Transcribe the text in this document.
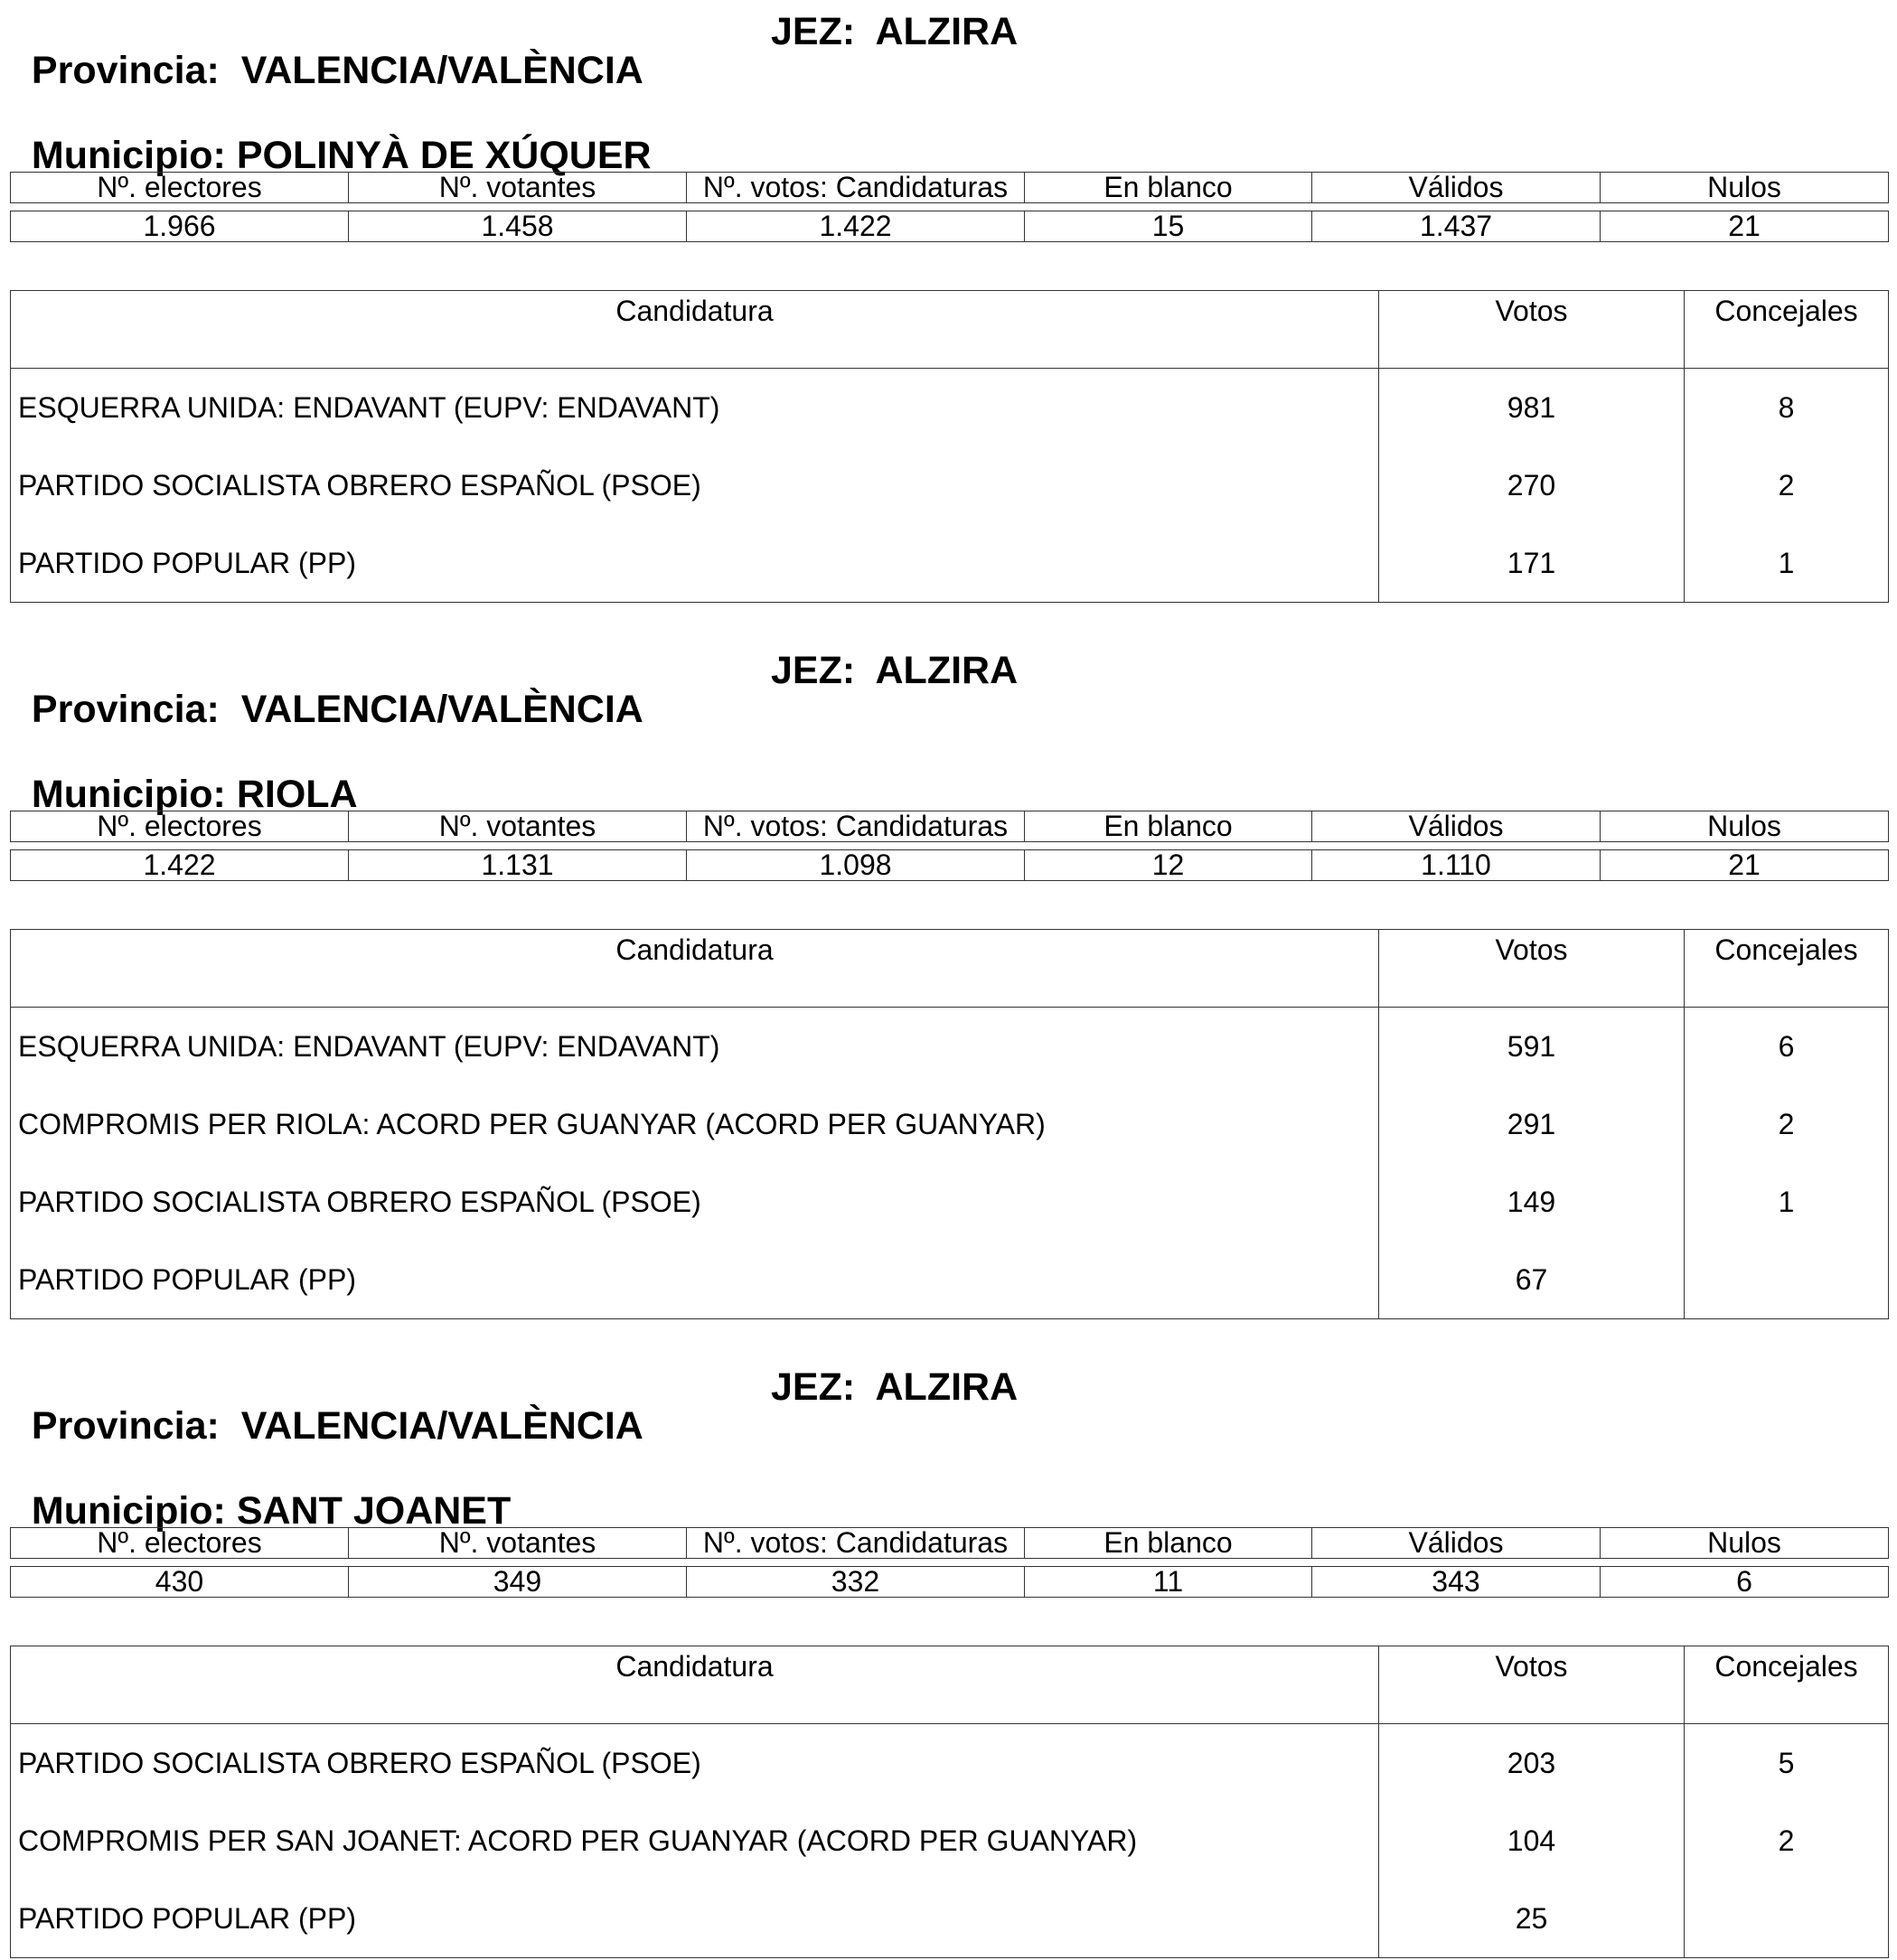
Provincia: VALENCIA/VALÈNCIA

JEZ: ALZIRA

Municipio: POLINYÀ DE XÚQUER

Nº. electores	Nº. votantes	Nº. votos: Candidaturas	En blanco	Válidos	Nulos

1.966	1.458	1.422	15	1.437	21
Candidatura	Votos	Concejales
ESQUERRA UNIDA: ENDAVANT (EUPV: ENDAVANT)	981	8
PARTIDO SOCIALISTA OBRERO ESPAÑOL (PSOE)	270	2
PARTIDO POPULAR (PP)	171	1

Provincia: VALENCIA/VALÈNCIA

JEZ: ALZIRA

Municipio: RIOLA

Nº. electores	Nº. votantes	Nº. votos: Candidaturas	En blanco	Válidos	Nulos

1.422	1.131	1.098	12	1.110	21
Candidatura	Votos	Concejales
ESQUERRA UNIDA: ENDAVANT (EUPV: ENDAVANT)	591	6
COMPROMIS PER RIOLA: ACORD PER GUANYAR (ACORD PER GUANYAR)	291	2
PARTIDO SOCIALISTA OBRERO ESPAÑOL (PSOE)	149	1
PARTIDO POPULAR (PP)	67	

Provincia: VALENCIA/VALÈNCIA

JEZ: ALZIRA

Municipio: SANT JOANET

Nº. electores	Nº. votantes	Nº. votos: Candidaturas	En blanco	Válidos	Nulos

430	349	332	11	343	6
Candidatura	Votos	Concejales
PARTIDO SOCIALISTA OBRERO ESPAÑOL (PSOE)	203	5
COMPROMIS PER SAN JOANET: ACORD PER GUANYAR (ACORD PER GUANYAR)	104	2
PARTIDO POPULAR (PP)	25	
